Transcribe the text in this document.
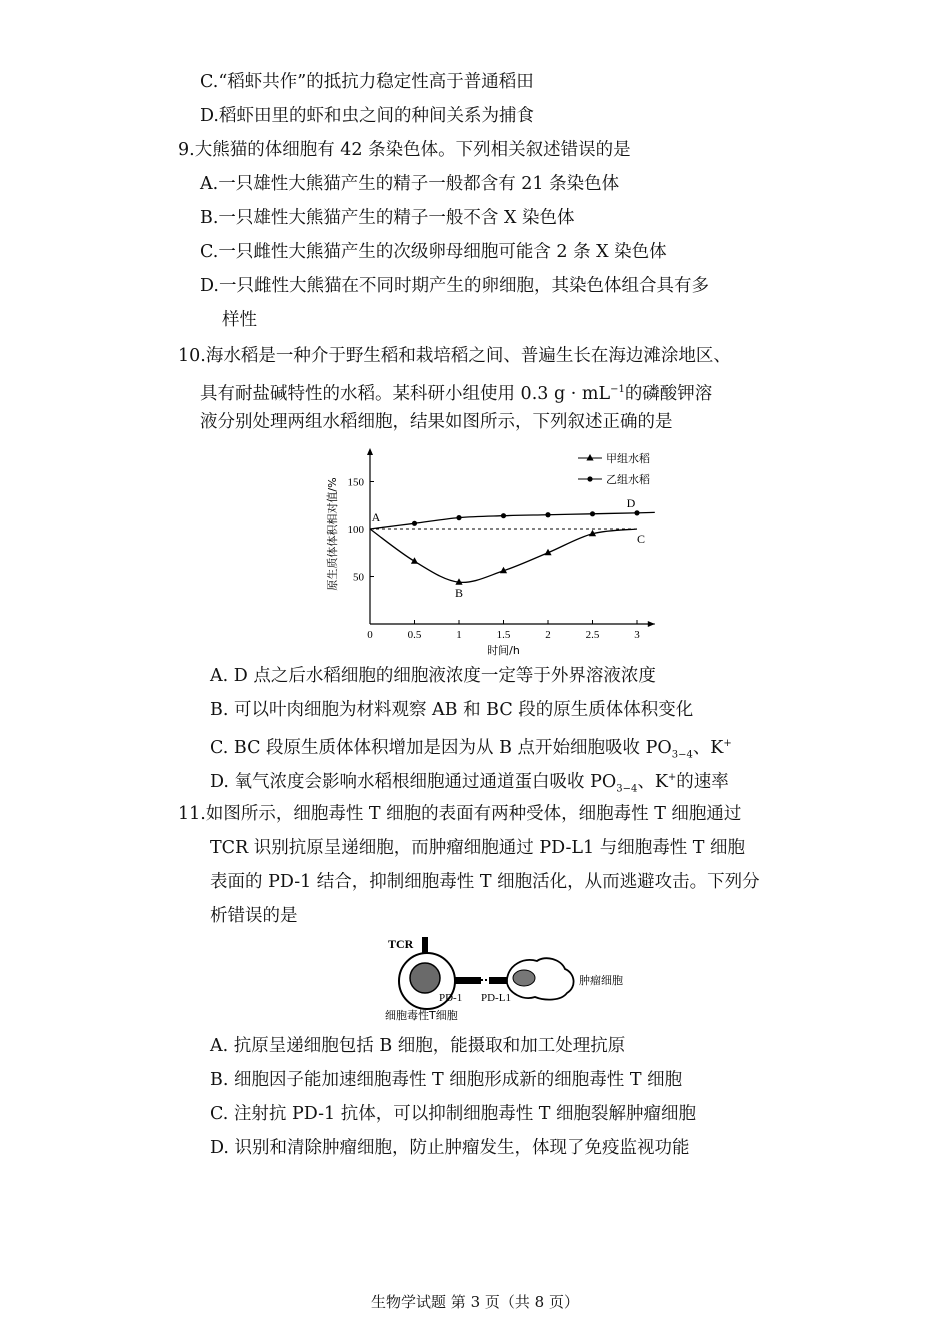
C.“稻虾共作”的抵抗力稳定性高于普通稻田
D.稻虾田里的虾和虫之间的种间关系为捕食
9.大熊猫的体细胞有 42 条染色体。下列相关叙述错误的是
A.一只雄性大熊猫产生的精子一般都含有 21 条染色体
B.一只雄性大熊猫产生的精子一般不含 X 染色体
C.一只雌性大熊猫产生的次级卵母细胞可能含 2 条 X 染色体
D.一只雌性大熊猫在不同时期产生的卵细胞，其染色体组合具有多
样性
10.海水稻是一种介于野生稻和栽培稻之间、普遍生长在海边滩涂地区、
具有耐盐碱特性的水稻。某科研小组使用 0.3 $g \cdot mL^{-1}$的磷酸钾溶
液分别处理两组水稻细胞，结果如图所示，下列叙述正确的是
0	0.5	1	1.5	2	2.5	3
50
100
150
时间/h
原生质体体积相对值/%	A
B
C
D
甲组水稻
乙组水稻
A. D 点之后水稻细胞的细胞液浓度一定等于外界溶液浓度
B. 可以叶肉细胞为材料观察 AB 和 BC 段的原生质体体积变化
C. BC 段原生质体体积增加是因为从 B 点开始细胞吸收 $PO_{3-4}$、K+
D. 氧气浓度会影响水稻根细胞通过通道蛋白吸收 $PO_{3-4}$、K+的速率
11.如图所示，细胞毒性 T 细胞的表面有两种受体，细胞毒性 T 细胞通过
TCR 识别抗原呈递细胞，而肿瘤细胞通过 PD-L1 与细胞毒性 T 细胞
表面的 PD-1 结合，抑制细胞毒性 T 细胞活化，从而逃避攻击。下列分
析错误的是
TCR
PD-1 PD-L1
细胞毒性T细胞
肿瘤细胞
A. 抗原呈递细胞包括 B 细胞，能摄取和加工处理抗原
B. 细胞因子能加速细胞毒性 T 细胞形成新的细胞毒性 T 细胞
C. 注射抗 PD-1 抗体，可以抑制细胞毒性 T 细胞裂解肿瘤细胞
D. 识别和清除肿瘤细胞，防止肿瘤发生，体现了免疫监视功能
生物学试题 第 3 页（共 8 页）
